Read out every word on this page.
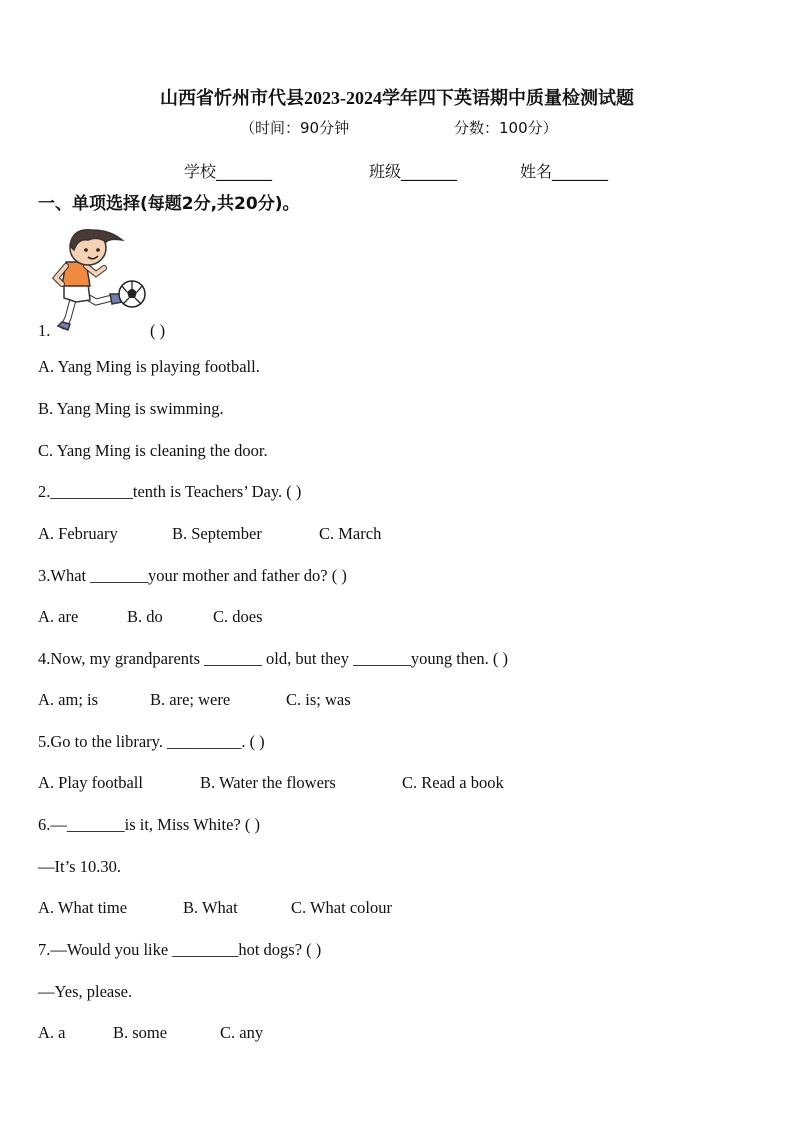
山西省忻州市代县2023-2024学年四下英语期中质量检测试题
（时间：90分钟	分数：100分）
学校_______	班级_______	姓名_______
一、单项选择(每题2分,共20分)。
1.	( )
A. Yang Ming is playing football.
B. Yang Ming is swimming.
C. Yang Ming is cleaning the door.
2.__________tenth is Teachers’ Day. ( )
A. February	B. September	C. March
3.What _______your mother and father do? ( )
A. are	B. do	C. does
4.Now, my grandparents _______ old, but they _______young then. ( )
A. am; is	B. are; were	C. is; was
5.Go to the library. _________. ( )
A. Play football	B. Water the flowers	C. Read a book
6.—_______is it, Miss White? ( )
—It’s 10.30.
A. What time	B. What	C. What colour
7.—Would you like ________hot dogs? ( )
—Yes, please.
A. a	B. some	C. any
